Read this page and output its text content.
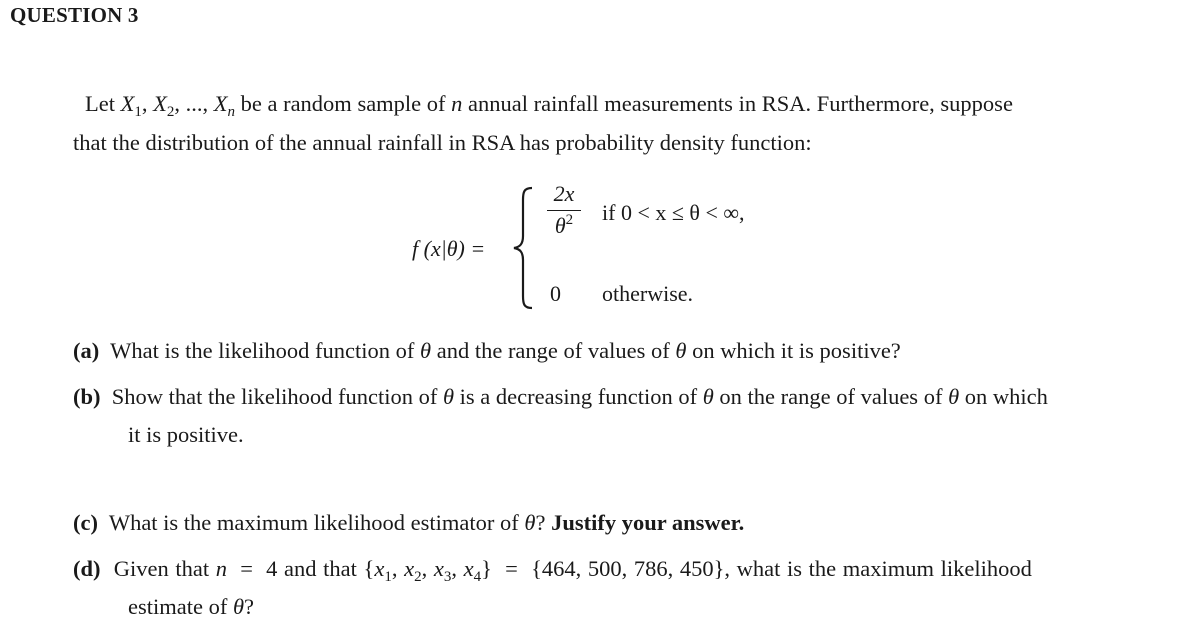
QUESTION 3
Let $X_1$, $X_2$, ..., $X_n$ be a random sample of n annual rainfall measurements in RSA. Furthermore, suppose
that the distribution of the annual rainfall in RSA has probability density function:
f (x|θ) =
2x
$\theta^2$	if 0 < x ≤ θ < ∞,
0 otherwise.
(a) What is the likelihood function of θ and the range of values of θ on which it is positive?
(b) Show that the likelihood function of θ is a decreasing function of θ on the range of values of θ on which
it is positive.
(c) What is the maximum likelihood estimator of θ? Justify your answer.
(d) Given that n  =  4 and that {$x_1$, $x_2$, $x_3$, $x_4\} = \{464$, 500, 786, 450}, what is the maximum likelihood
estimate of θ?
